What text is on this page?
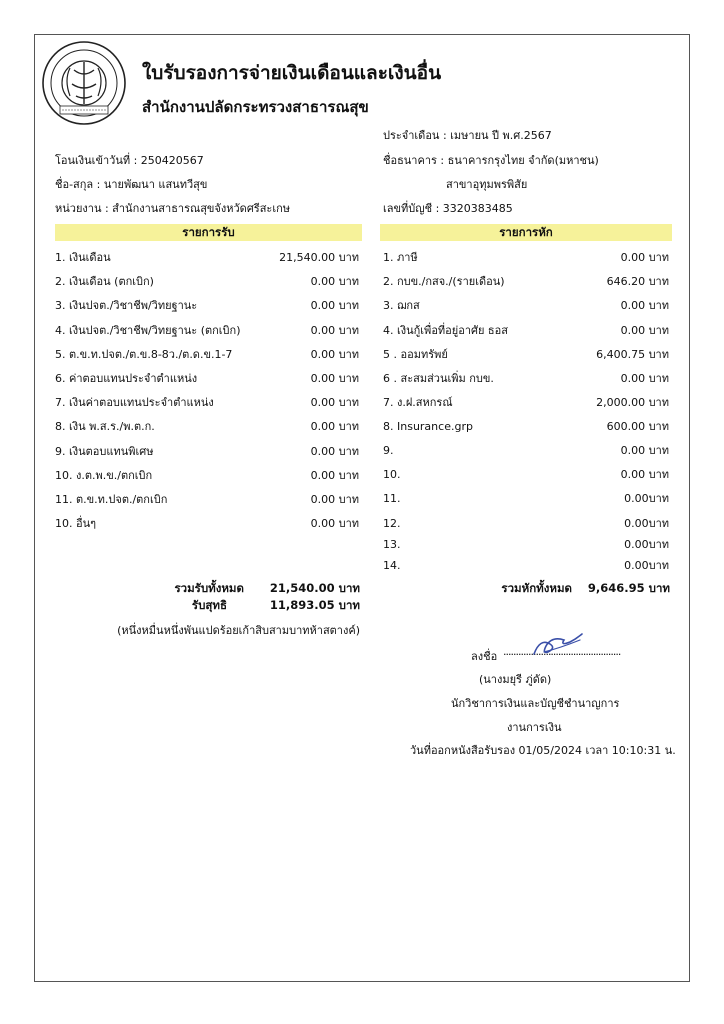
ใบรับรองการจ่ายเงินเดือนและเงินอื่น
สำนักงานปลัดกระทรวงสาธารณสุข
ประจำเดือน : เมษายน ปี พ.ศ.2567
โอนเงินเข้าวันที่ : 250420567	ชื่อธนาคาร : ธนาคารกรุงไทย จำกัด(มหาชน)
ชื่อ-สกุล : นายพัฒนา แสนทวีสุข	สาขาอุทุมพรพิสัย
หน่วยงาน : สำนักงานสาธารณสุขจังหวัดศรีสะเกษ	เลขที่บัญชี : 3320383485
รายการรับ	รายการหัก
1. เงินเดือน	21,540.00 บาท
2. เงินเดือน (ตกเบิก)	0.00 บาท
3. เงินปจต./วิชาชีพ/วิทยฐานะ	0.00 บาท
4. เงินปจต./วิชาชีพ/วิทยฐานะ (ตกเบิก)	0.00 บาท
5. ต.ข.ท.ปจต./ต.ข.8-8ว./ต.ด.ข.1-7	0.00 บาท
6. ค่าตอบแทนประจำตำแหน่ง	0.00 บาท
7. เงินค่าตอบแทนประจำตำแหน่ง	0.00 บาท
8. เงิน พ.ส.ร./พ.ต.ก.	0.00 บาท
9. เงินตอบแทนพิเศษ	0.00 บาท
10. ง.ต.พ.ข./ตกเบิก	0.00 บาท
11. ต.ข.ท.ปจต./ตกเบิก	0.00 บาท
10. อื่นๆ	0.00 บาท
1. ภาษี	0.00 บาท
2. กบข./กสจ./(รายเดือน)	646.20 บาท
3. ฌกส	0.00 บาท
4. เงินกู้เพื่อที่อยู่อาศัย ธอส	0.00 บาท
5 . ออมทรัพย์	6,400.75 บาท
6 . สะสมส่วนเพิ่ม กบข.	0.00 บาท
7. ง.ฝ.สหกรณ์	2,000.00 บาท
8. Insurance.grp	600.00 บาท
9.	0.00 บาท
10.	0.00 บาท
11.	0.00บาท
12.	0.00บาท
13.	0.00บาท
14.	0.00บาท
รวมรับทั้งหมด 21,540.00 บาท
รับสุทธิ	11,893.05 บาท
(หนึ่งหมื่นหนึ่งพันแปดร้อยเก้าสิบสามบาทห้าสตางค์)
รวมหักทั้งหมด 9,646.95 บาท
ลงชื่อ ...............................................
(นางมยุรี ภู่ดัด)
นักวิชาการเงินและบัญชีชำนาญการ
งานการเงิน
วันที่ออกหนังสือรับรอง 01/05/2024 เวลา 10:10:31 น.
